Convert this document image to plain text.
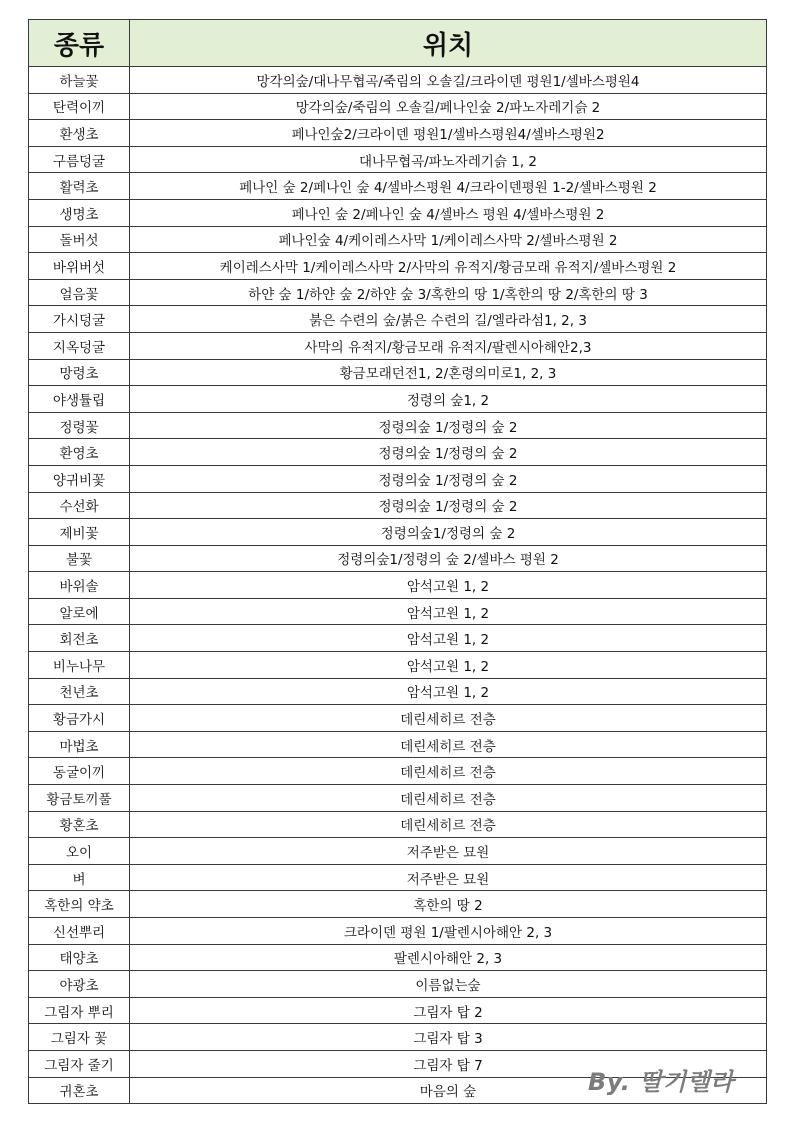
종류	위치
하늘꽃	망각의숲/대나무협곡/죽림의 오솔길/크라이덴 평원1/셀바스평원4
탄력이끼	망각의숲/죽림의 오솔길/페나인숲 2/파노자레기슭 2
환생초	페나인숲2/크라이덴 평원1/셀바스평원4/셀바스평원2
구름덩굴	대나무협곡/파노자레기슭 1, 2
활력초	페나인 숲 2/페나인 숲 4/셀바스평원 4/크라이덴평원 1-2/셀바스평원 2
생명초	페나인 숲 2/페나인 숲 4/셀바스 평원 4/셀바스평원 2
돌버섯	페나인숲 4/케이레스사막 1/케이레스사막 2/셀바스평원 2
바위버섯	케이레스사막 1/케이레스사막 2/사막의 유적지/황금모래 유적지/셀바스평원 2
얼음꽃	하얀 숲 1/하얀 숲 2/하얀 숲 3/혹한의 땅 1/혹한의 땅 2/혹한의 땅 3
가시덩굴	붉은 수련의 숲/붉은 수련의 길/엘라라섬1, 2, 3
지옥덩굴	사막의 유적지/황금모래 유적지/팔렌시아해안2,3
망령초	황금모래던전1, 2/혼령의미로1, 2, 3
야생튤립	정령의 숲1, 2
정령꽃	정령의숲 1/정령의 숲 2
환영초	정령의숲 1/정령의 숲 2
양귀비꽃	정령의숲 1/정령의 숲 2
수선화	정령의숲 1/정령의 숲 2
제비꽃	정령의숲1/정령의 숲 2
불꽃	정령의숲1/정령의 숲 2/셀바스 평원 2
바위솔	암석고원 1, 2
알로에	암석고원 1, 2
회전초	암석고원 1, 2
비누나무	암석고원 1, 2
천년초	암석고원 1, 2
황금가시	데린세히르 전층
마법초	데린세히르 전층
동굴이끼	데린세히르 전층
황금토끼풀	데린세히르 전층
황혼초	데린세히르 전층
오이	저주받은 묘원
벼	저주받은 묘원
혹한의 약초	혹한의 땅 2
신선뿌리	크라이덴 평원 1/팔렌시아해안 2, 3
태양초	팔렌시아해안 2, 3
야광초	이름없는숲
그림자 뿌리	그림자 탑 2
그림자 꽃	그림자 탑 3
그림자 줄기	그림자 탑 7
귀혼초	마음의 숲	By. 딸기렐라
